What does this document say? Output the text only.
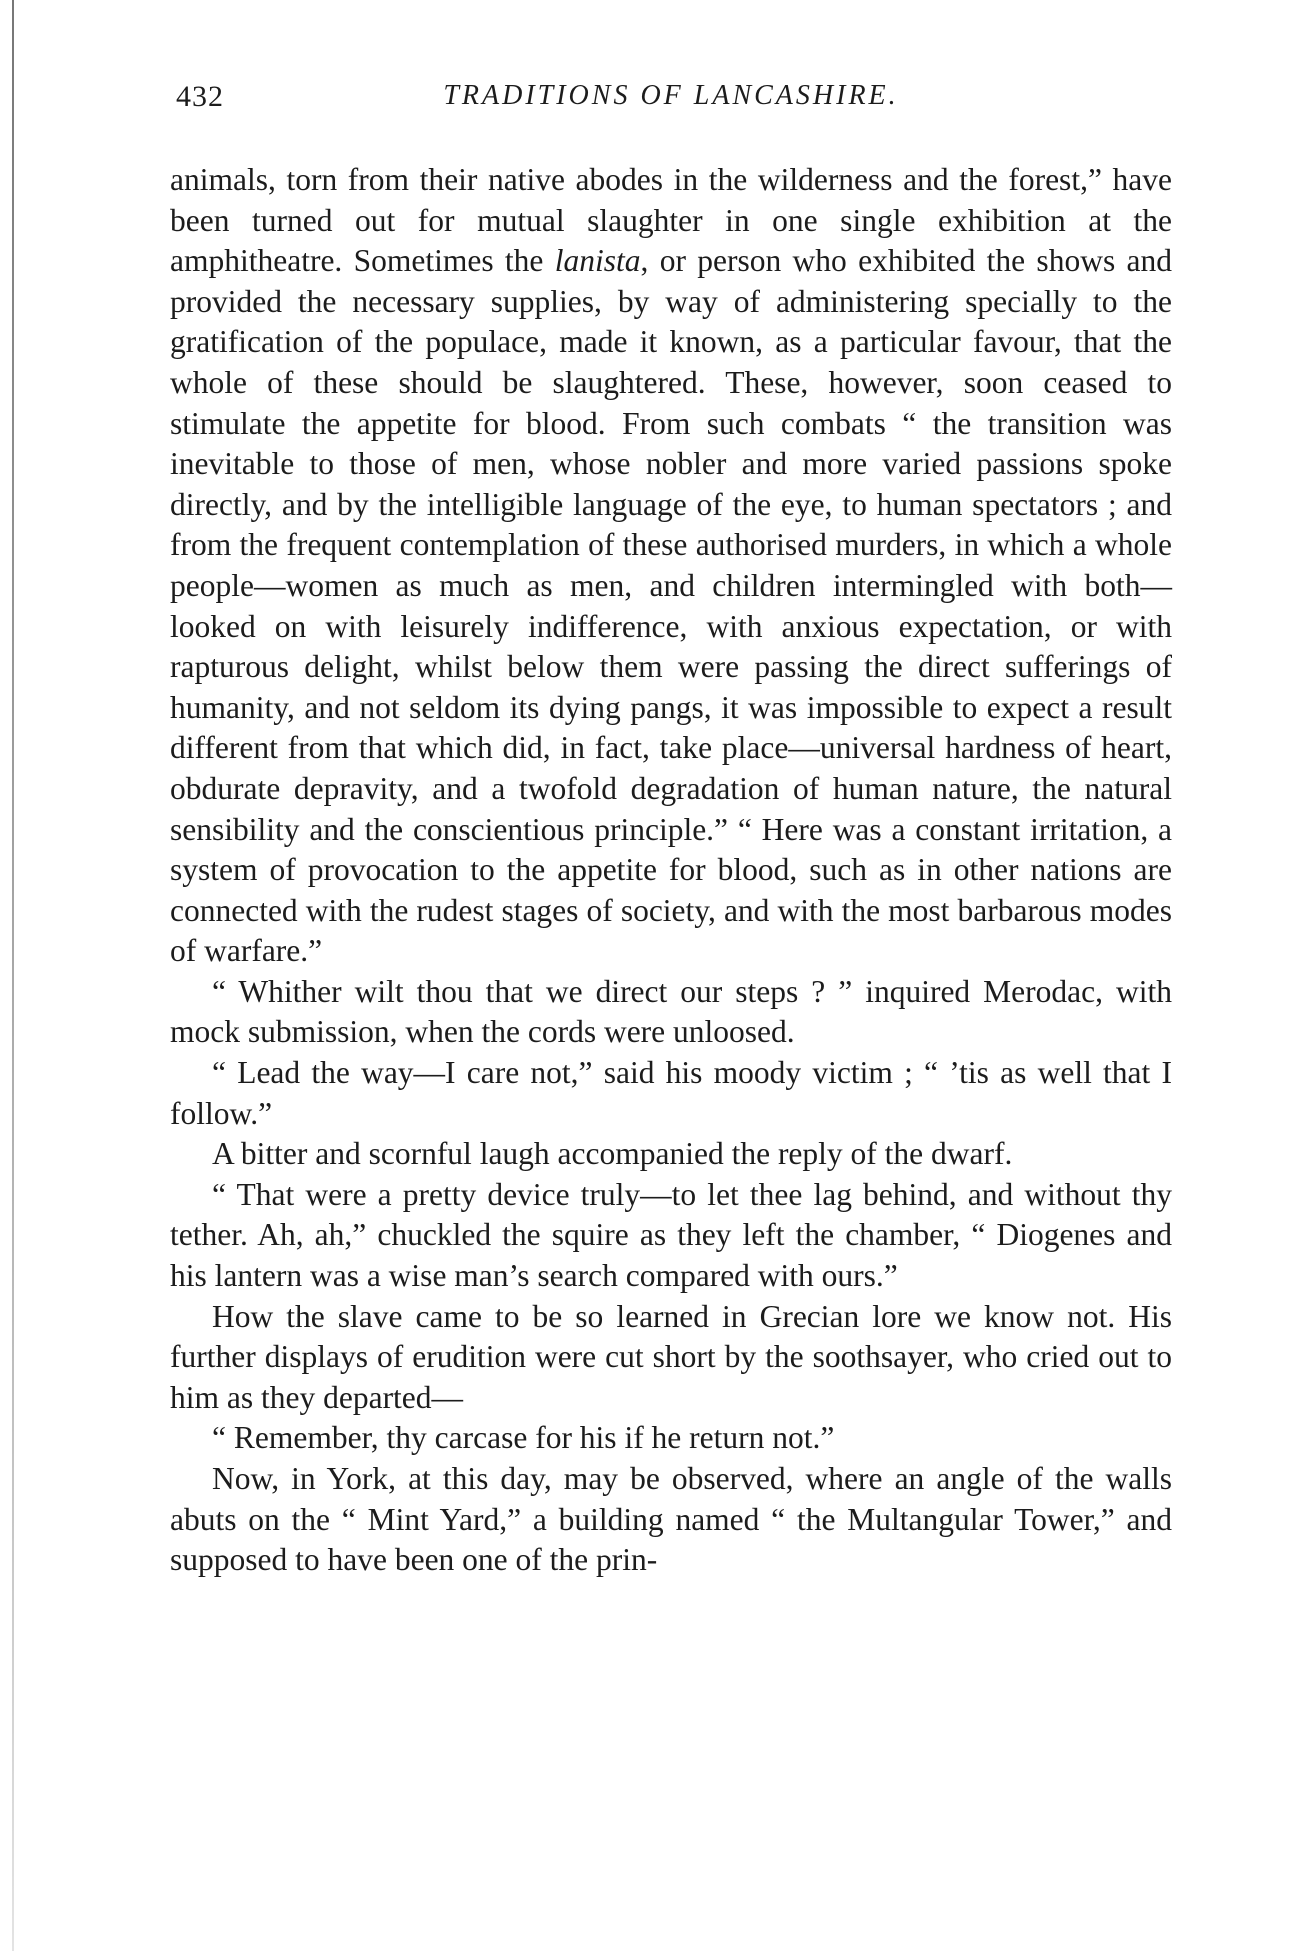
432	TRADITIONS OF LANCASHIRE.

animals, torn from their native abodes in the wilderness and the forest,” have been turned out for mutual slaughter in one single exhibition at the amphitheatre. Sometimes the lanista, or person who exhibited the shows and provided the necessary supplies, by way of administering specially to the gratification of the populace, made it known, as a particular favour, that the whole of these should be slaughtered. These, however, soon ceased to stimulate the appetite for blood. From such combats “ the transition was inevitable to those of men, whose nobler and more varied passions spoke directly, and by the intelligible language of the eye, to human spectators ; and from the frequent contemplation of these authorised murders, in which a whole people—women as much as men, and children intermingled with both—looked on with leisurely indifference, with anxious expectation, or with rapturous delight, whilst below them were passing the direct sufferings of humanity, and not seldom its dying pangs, it was impossible to expect a result different from that which did, in fact, take place—universal hardness of heart, obdurate depravity, and a twofold degradation of human nature, the natural sensibility and the conscientious principle.” “ Here was a constant irritation, a system of provocation to the appetite for blood, such as in other nations are connected with the rudest stages of society, and with the most barbarous modes of warfare.”

“ Whither wilt thou that we direct our steps ? ” inquired Merodac, with mock submission, when the cords were unloosed.

“ Lead the way—I care not,” said his moody victim ; “ ’tis as well that I follow.”

A bitter and scornful laugh accompanied the reply of the dwarf.

“ That were a pretty device truly—to let thee lag behind, and without thy tether. Ah, ah,” chuckled the squire as they left the chamber, “ Diogenes and his lantern was a wise man’s search compared with ours.”

How the slave came to be so learned in Grecian lore we know not. His further displays of erudition were cut short by the soothsayer, who cried out to him as they departed—

“ Remember, thy carcase for his if he return not.”

Now, in York, at this day, may be observed, where an angle of the walls abuts on the “ Mint Yard,” a building named “ the Multangular Tower,” and supposed to have been one of the prin-
